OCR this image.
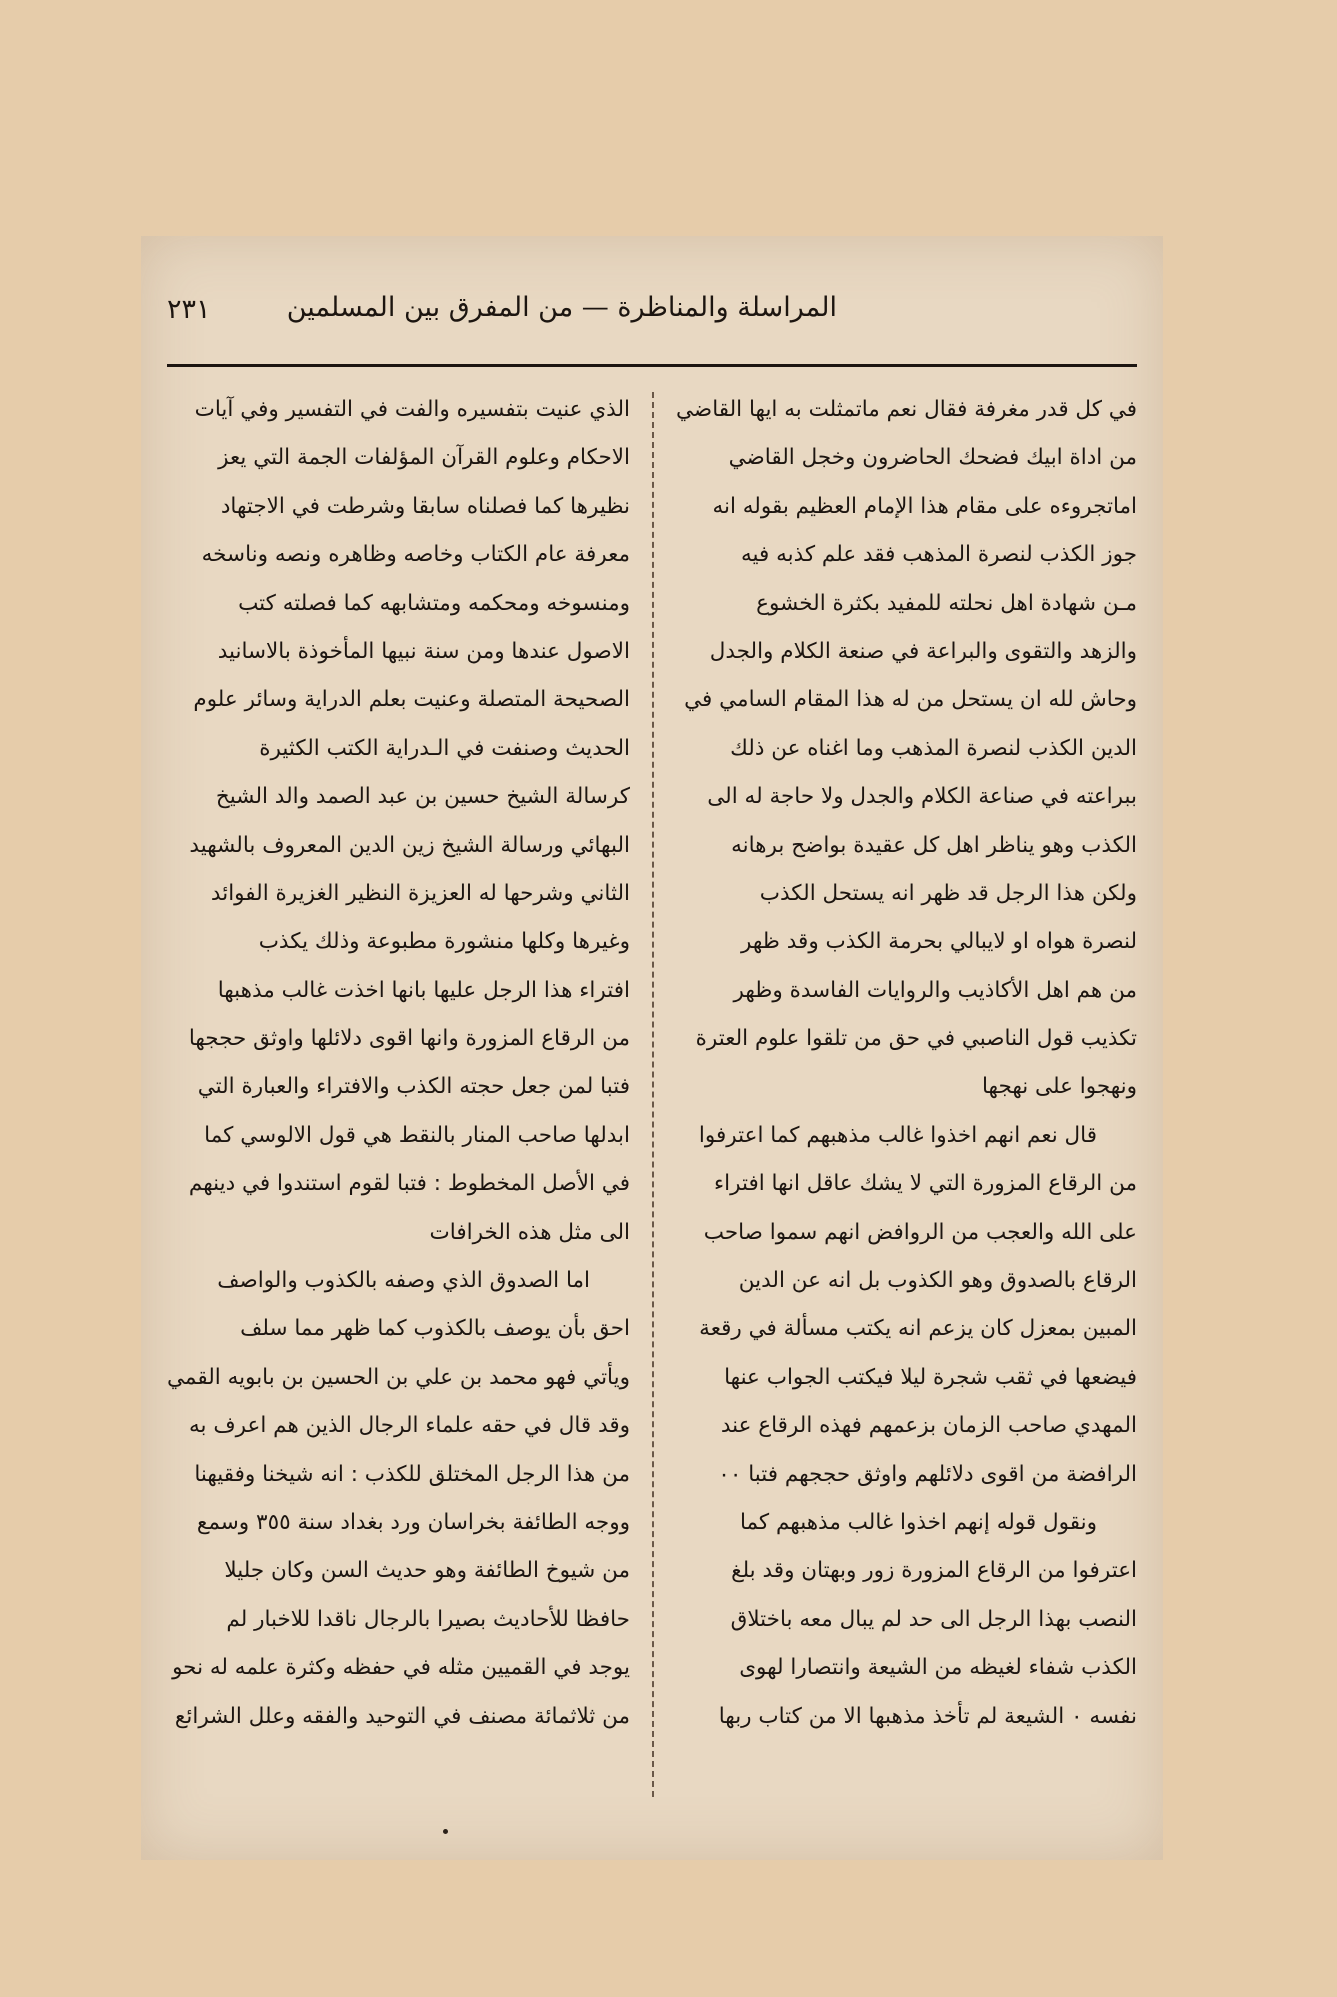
المراسلة والمناظرة — من المفرق بين المسلمين
٢٣١
في كل قدر مغرفة فقال نعم ماتمثلت به ايها القاضي
من اداة ابيك فضحك الحاضرون وخجل القاضي
اماتجروءه على مقام هذا الإمام العظيم بقوله انه
جوز الكذب لنصرة المذهب فقد علم كذبه فيه
مـن شهادة اهل نحلته للمفيد بكثرة الخشوع
والزهد والتقوى والبراعة في صنعة الكلام والجدل
وحاش لله ان يستحل من له هذا المقام السامي في
الدين الكذب لنصرة المذهب وما اغناه عن ذلك
ببراعته في صناعة الكلام والجدل ولا حاجة له الى
الكذب وهو يناظر اهل كل عقيدة بواضح برهانه
ولكن هذا الرجل قد ظهر انه يستحل الكذب
لنصرة هواه او لايبالي بحرمة الكذب وقد ظهر
من هم اهل الأكاذيب والروايات الفاسدة وظهر
تكذيب قول الناصبي في حق من تلقوا علوم العترة
ونهجوا على نهجها
قال نعم انهم اخذوا غالب مذهبهم كما اعترفوا
من الرقاع المزورة التي لا يشك عاقل انها افتراء
على الله والعجب من الروافض انهم سموا صاحب
الرقاع بالصدوق وهو الكذوب بل انه عن الدين
المبين بمعزل كان يزعم انه يكتب مسألة في رقعة
فيضعها في ثقب شجرة ليلا فيكتب الجواب عنها
المهدي صاحب الزمان بزعمهم فهذه الرقاع عند
الرافضة من اقوى دلائلهم واوثق حججهم فتبا ٠٠
ونقول قوله إنهم اخذوا غالب مذهبهم كما
اعترفوا من الرقاع المزورة زور وبهتان وقد بلغ
النصب بهذا الرجل الى حد لم يبال معه باختلاق
الكذب شفاء لغيظه من الشيعة وانتصارا لهوى
نفسه ٠ الشيعة لم تأخذ مذهبها الا من كتاب ربها
الذي عنيت بتفسيره والفت في التفسير وفي آيات
الاحكام وعلوم القرآن المؤلفات الجمة التي يعز
نظيرها كما فصلناه سابقا وشرطت في الاجتهاد
معرفة عام الكتاب وخاصه وظاهره ونصه وناسخه
ومنسوخه ومحكمه ومتشابهه كما فصلته كتب
الاصول عندها ومن سنة نبيها المأخوذة بالاسانيد
الصحيحة المتصلة وعنيت بعلم الدراية وسائر علوم
الحديث وصنفت في الـدراية الكتب الكثيرة
كرسالة الشيخ حسين بن عبد الصمد والد الشيخ
البهائي ورسالة الشيخ زين الدين المعروف بالشهيد
الثاني وشرحها له العزيزة النظير الغزيرة الفوائد
وغيرها وكلها منشورة مطبوعة وذلك يكذب
افتراء هذا الرجل عليها بانها اخذت غالب مذهبها
من الرقاع المزورة وانها اقوى دلائلها واوثق حججها
فتبا لمن جعل حجته الكذب والافتراء والعبارة التي
ابدلها صاحب المنار بالنقط هي قول الالوسي كما
في الأصل المخطوط : فتبا لقوم استندوا في دينهم
الى مثل هذه الخرافات
اما الصدوق الذي وصفه بالكذوب والواصف
احق بأن يوصف بالكذوب كما ظهر مما سلف
ويأتي فهو محمد بن علي بن الحسين بن بابويه القمي
وقد قال في حقه علماء الرجال الذين هم اعرف به
من هذا الرجل المختلق للكذب : انه شيخنا وفقيهنا
ووجه الطائفة بخراسان ورد بغداد سنة ٣٥٥ وسمع
من شيوخ الطائفة وهو حديث السن وكان جليلا
حافظا للأحاديث بصيرا بالرجال ناقدا للاخبار لم
يوجد في القميين مثله في حفظه وكثرة علمه له نحو
من ثلاثمائة مصنف في التوحيد والفقه وعلل الشرائع
